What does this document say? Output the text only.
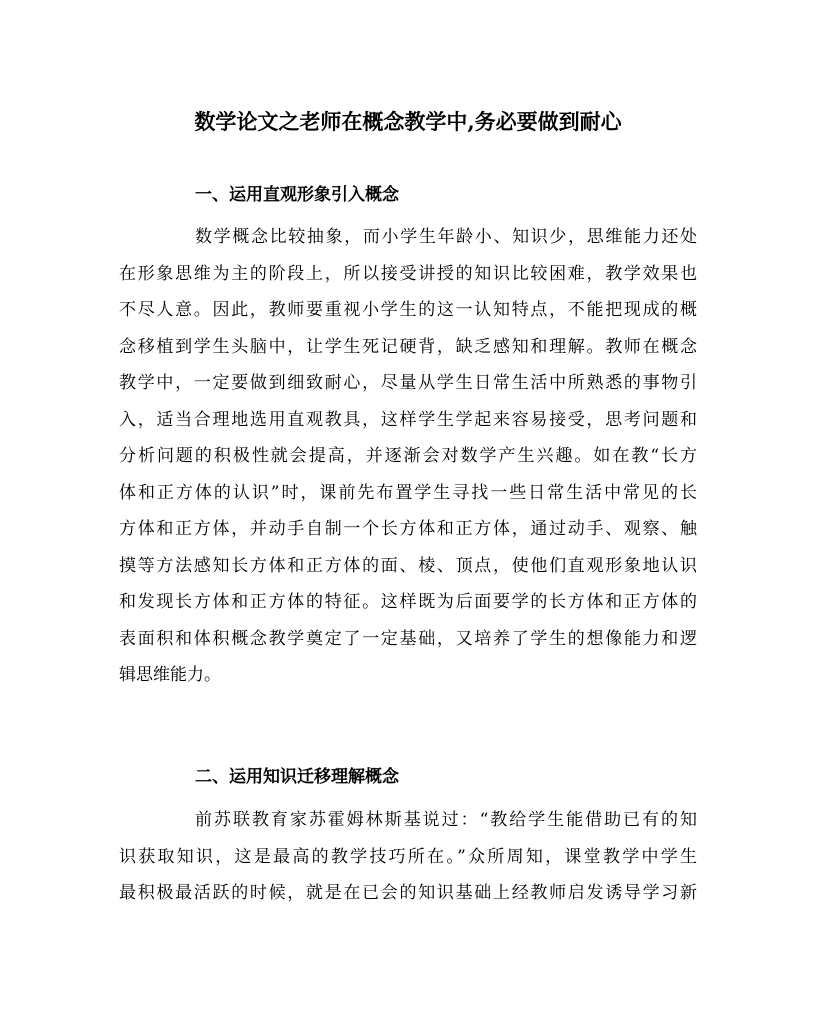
数学论文之老师在概念教学中,务必要做到耐心
一、运用直观形象引入概念
数学概念比较抽象，而小学生年龄小、知识少，思维能力还处
在形象思维为主的阶段上，所以接受讲授的知识比较困难，教学效果也
不尽人意。因此，教师要重视小学生的这一认知特点，不能把现成的概
念移植到学生头脑中，让学生死记硬背，缺乏感知和理解。教师在概念
教学中，一定要做到细致耐心，尽量从学生日常生活中所熟悉的事物引
入，适当合理地选用直观教具，这样学生学起来容易接受，思考问题和
分析问题的积极性就会提高，并逐渐会对数学产生兴趣。如在教“长方
体和正方体的认识”时，课前先布置学生寻找一些日常生活中常见的长
方体和正方体，并动手自制一个长方体和正方体，通过动手、观察、触
摸等方法感知长方体和正方体的面、棱、顶点，使他们直观形象地认识
和发现长方体和正方体的特征。这样既为后面要学的长方体和正方体的
表面积和体积概念教学奠定了一定基础，又培养了学生的想像能力和逻
辑思维能力。
二、运用知识迁移理解概念
前苏联教育家苏霍姆林斯基说过：“教给学生能借助已有的知
识获取知识，这是最高的教学技巧所在。”众所周知，课堂教学中学生
最积极最活跃的时候，就是在已会的知识基础上经教师启发诱导学习新
